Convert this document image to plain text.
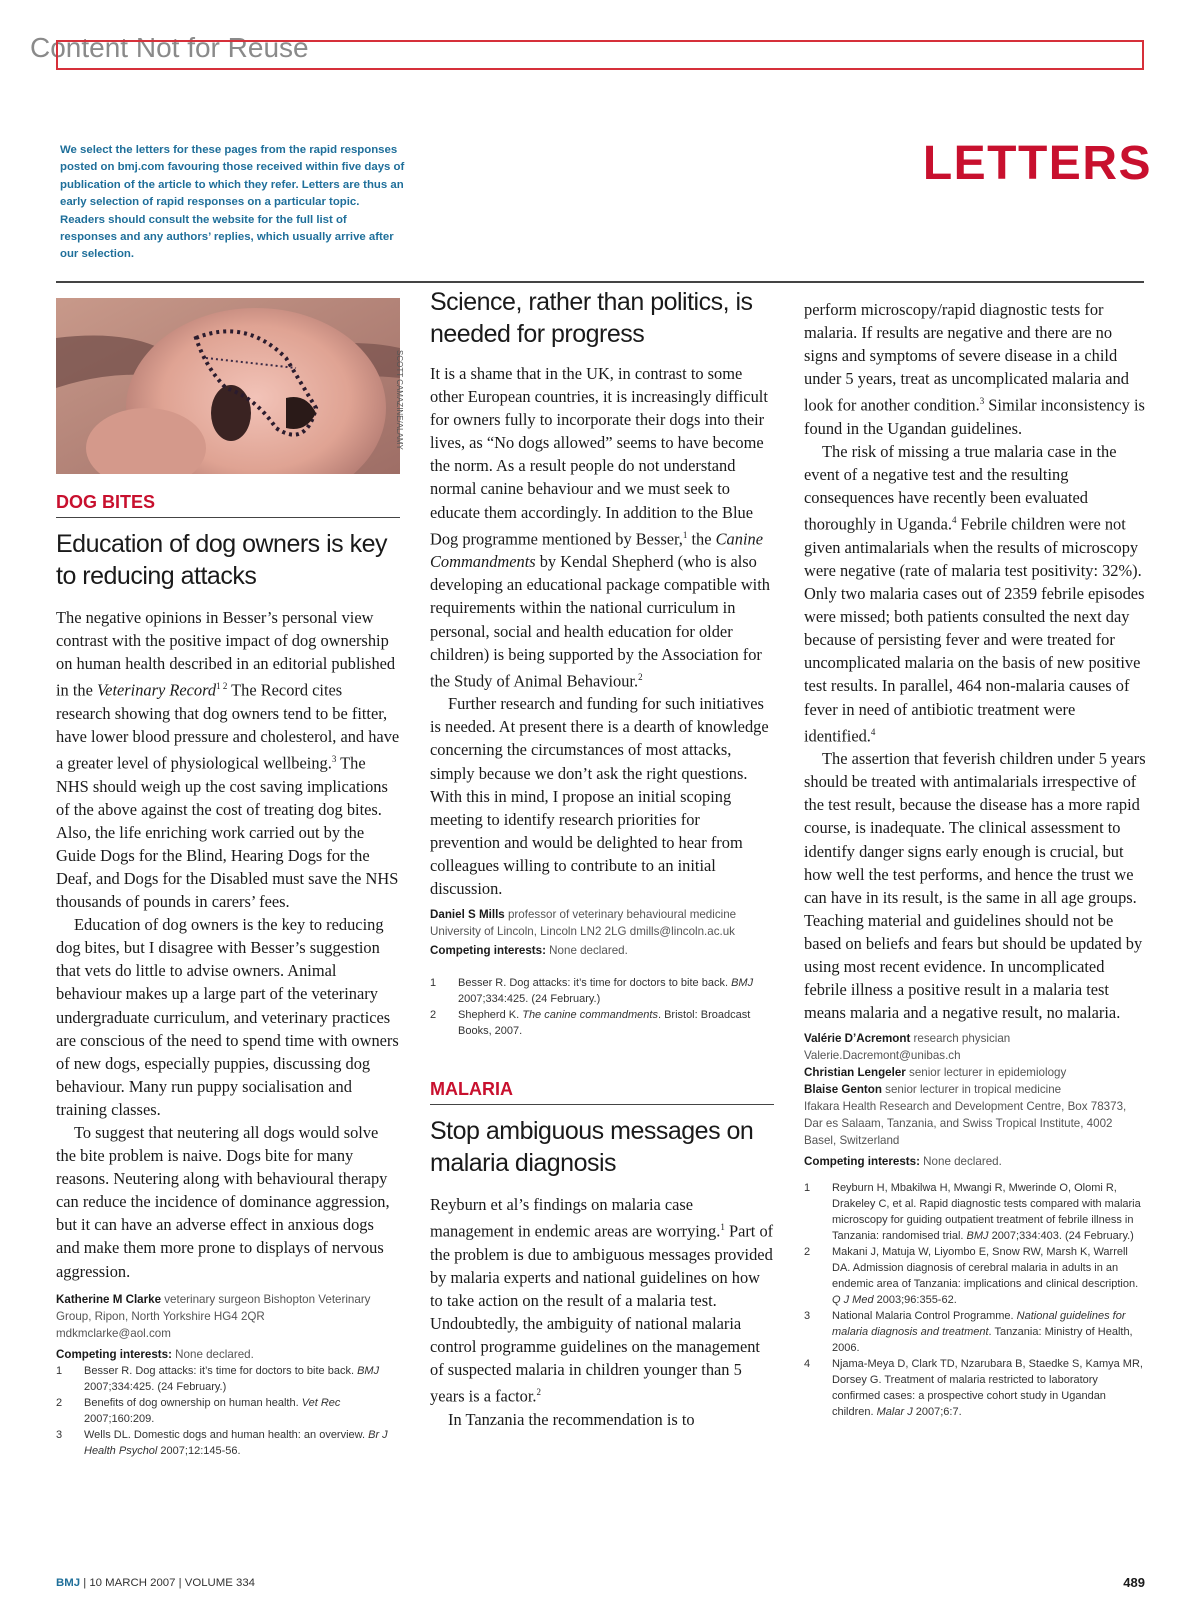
Content Not for Reuse
We select the letters for these pages from the rapid responses posted on bmj.com favouring those received within five days of publication of the article to which they refer. Letters are thus an early selection of rapid responses on a particular topic. Readers should consult the website for the full list of responses and any authors’ replies, which usually arrive after our selection.
LETTERS
DOG BITES
Education of dog owners is key to reducing attacks

The negative opinions in Besser’s personal view contrast with the positive impact of dog ownership on human health described in an editorial published in the Veterinary Record$^{1 2}$ The Record cites research showing that dog owners tend to be fitter, have lower blood pressure and cholesterol, and have a greater level of physiological wellbeing.$^3$ The NHS should weigh up the cost saving implications of the above against the cost of treating dog bites. Also, the life enriching work carried out by the Guide Dogs for the Blind, Hearing Dogs for the Deaf, and Dogs for the Disabled must save the NHS thousands of pounds in carers’ fees.

Education of dog owners is the key to reducing dog bites, but I disagree with Besser’s suggestion that vets do little to advise owners. Animal behaviour makes up a large part of the veterinary undergraduate curriculum, and veterinary practices are conscious of the need to spend time with owners of new dogs, especially puppies, discussing dog behaviour. Many run puppy socialisation and training classes.

To suggest that neutering all dogs would solve the bite problem is naive. Dogs bite for many reasons. Neutering along with behavioural therapy can reduce the incidence of dominance aggression, but it can have an adverse effect in anxious dogs and make them more prone to displays of nervous aggression.

Katherine M Clarke veterinary surgeon Bishopton Veterinary Group, Ripon, North Yorkshire HG4 2QR
mdkmclarke@aol.com
Competing interests: None declared.
1	Besser R. Dog attacks: it’s time for doctors to bite back. BMJ 2007;334:425. (24 February.)
2	Benefits of dog ownership on human health. Vet Rec 2007;160:209.
3	Wells DL. Domestic dogs and human health: an overview. Br J Health Psychol 2007;12:145-56.
SCOTT CAMAZINE/ALAMY
Science, rather than politics, is needed for progress

It is a shame that in the UK, in contrast to some other European countries, it is increasingly difficult for owners fully to incorporate their dogs into their lives, as “No dogs allowed” seems to have become the norm. As a result people do not understand normal canine behaviour and we must seek to educate them accordingly. In addition to the Blue Dog programme mentioned by Besser,$^1$ the Canine Commandments by Kendal Shepherd (who is also developing an educational package compatible with requirements within the national curriculum in personal, social and health education for older children) is being supported by the Association for the Study of Animal Behaviour.$^2$

Further research and funding for such initiatives is needed. At present there is a dearth of knowledge concerning the circumstances of most attacks, simply because we don’t ask the right questions. With this in mind, I propose an initial scoping meeting to identify research priorities for prevention and would be delighted to hear from colleagues willing to contribute to an initial discussion.

Daniel S Mills professor of veterinary behavioural medicine University of Lincoln, Lincoln LN2 2LG dmills@lincoln.ac.uk
Competing interests: None declared.
1	Besser R. Dog attacks: it’s time for doctors to bite back. BMJ 2007;334:425. (24 February.)
2	Shepherd K. The canine commandments. Bristol: Broadcast Books, 2007.
MALARIA
Stop ambiguous messages on malaria diagnosis

Reyburn et al’s findings on malaria case management in endemic areas are worrying.$^1$ Part of the problem is due to ambiguous messages provided by malaria experts and national guidelines on how to take action on the result of a malaria test. Undoubtedly, the ambiguity of national malaria control programme guidelines on the management of suspected malaria in children younger than 5 years is a factor.$^2$

In Tanzania the recommendation is to

perform microscopy/rapid diagnostic tests for malaria. If results are negative and there are no signs and symptoms of severe disease in a child under 5 years, treat as uncomplicated malaria and look for another condition.$^3$ Similar inconsistency is found in the Ugandan guidelines.

The risk of missing a true malaria case in the event of a negative test and the resulting consequences have recently been evaluated thoroughly in Uganda.$^4$ Febrile children were not given antimalarials when the results of microscopy were negative (rate of malaria test positivity: 32%). Only two malaria cases out of 2359 febrile episodes were missed; both patients consulted the next day because of persisting fever and were treated for uncomplicated malaria on the basis of new positive test results. In parallel, 464 non-malaria causes of fever in need of antibiotic treatment were identified.$^4$

The assertion that feverish children under 5 years should be treated with antimalarials irrespective of the test result, because the disease has a more rapid course, is inadequate. The clinical assessment to identify danger signs early enough is crucial, but how well the test performs, and hence the trust we can have in its result, is the same in all age groups. Teaching material and guidelines should not be based on beliefs and fears but should be updated by using most recent evidence. In uncomplicated febrile illness a positive result in a malaria test means malaria and a negative result, no malaria.

Valérie D’Acremont research physician
Valerie.Dacremont@unibas.ch
Christian Lengeler senior lecturer in epidemiology
Blaise Genton senior lecturer in tropical medicine
Ifakara Health Research and Development Centre, Box 78373, Dar es Salaam, Tanzania, and Swiss Tropical Institute, 4002 Basel, Switzerland
Competing interests: None declared.
1	Reyburn H, Mbakilwa H, Mwangi R, Mwerinde O, Olomi R, Drakeley C, et al. Rapid diagnostic tests compared with malaria microscopy for guiding outpatient treatment of febrile illness in Tanzania: randomised trial. BMJ 2007;334:403. (24 February.)
2	Makani J, Matuja W, Liyombo E, Snow RW, Marsh K, Warrell DA. Admission diagnosis of cerebral malaria in adults in an endemic area of Tanzania: implications and clinical description. Q J Med 2003;96:355-62.
3	National Malaria Control Programme. National guidelines for malaria diagnosis and treatment. Tanzania: Ministry of Health, 2006.
4	Njama-Meya D, Clark TD, Nzarubara B, Staedke S, Kamya MR, Dorsey G. Treatment of malaria restricted to laboratory confirmed cases: a prospective cohort study in Ugandan children. Malar J 2007;6:7.
BMJ | 10 MARCH 2007 | VOLUME 334	489
